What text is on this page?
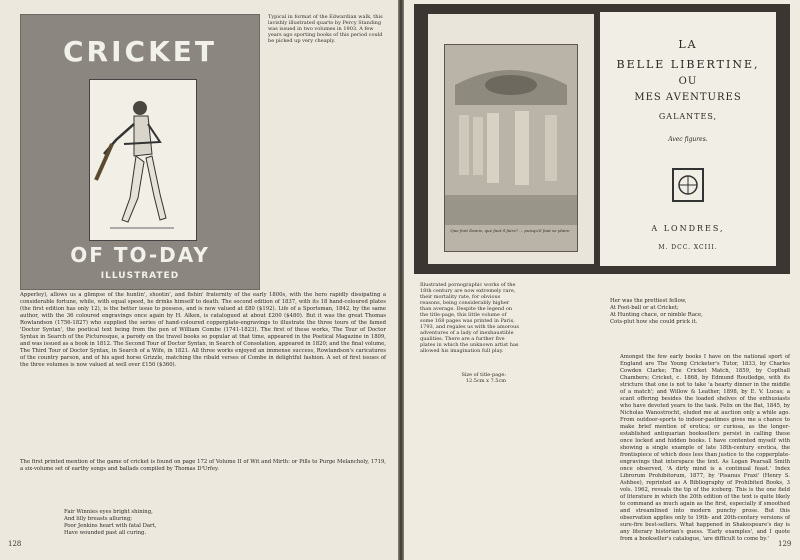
CRICKET
OF TO-DAY
ILLUSTRATED
Typical in format of the Edwardian walk, this lavishly illustrated quarto by Percy Standing was issued in two volumes in 1903. A few years ago sporting books of this period could be picked up very cheaply.

Apperley), allows us a glimpse of the huntin', shootin', and fishin' fraternity of the early 1800s, with the hero rapidly dissipating a considerable fortune, while, with equal speed, he drinks himself to death. The second edition of 1837, with its 18 hand-coloured plates (the first edition has only 12), is the better issue to possess, and is now valued at £80 ($192). Life of a Sportsman, 1842, by the same author, with the 36 coloured engravings once again by H. Alken, is catalogued at about £200 ($480). But it was the great Thomas Rowlandson (1756-1827) who supplied the series of hand-coloured copperplate-engravings to illustrate the three tours of the famed 'Doctor Syntax', the poetical text being from the pen of William Combe (1741-1823). The first of these works, The Tour of Doctor Syntax in Search of the Picturesque, a parody on the travel books so popular at that time, appeared in the Poetical Magazine in 1809, and was issued as a book in 1812. The Second Tour of Doctor Syntax, in Search of Consolation, appeared in 1820; and the final volume, The Third Tour of Doctor Syntax, in Search of a Wife, in 1821. All three works enjoyed an immense success, Rowlandson's caricatures of the country parson, and of his aged horse Grizzle, matching the ribald verses of Combe in delightful fashion. A set of first issues of the three volumes is now valued at well over £150 ($360).

The first printed mention of the game of cricket is found on page 172 of Volume II of Wit and Mirth: or Pills to Purge Melancholy, 1719, a six-volume set of earthy songs and ballads compiled by Thomas D'Urfey.

Fair Winnies eyes bright shining,
And lilly breasts alluring;
Poor Jenkins heart with fatal Dart,
Have wounded past all curing.
128
Que font Damis, que faut il faire? ... puisqu'il faut se plaire
LA
BELLE LIBERTINE,
OU
MES AVENTURES
GALANTES,
Avec figures.
A LONDRES,
M. DCC. XCIII.
Illustrated pornographic works of the 18th century are now extremely rare, their mortality rate, for obvious reasons, being considerably higher than average. Despite the legend on the title-page, this little volume of some 168 pages was printed in Paris, 1793, and regales us with the amorous adventures of a lady of inexhaustible qualities. There are a further five plates in which the unknown artist has allowed his imagination full play.
Size of title-page:
12.5cm x 7.5cm
Her was the prettiest fellow,
At Foot-ball or at Cricket;
At Hunting chace, or nimble Race,
Cots-plut how she could prick it.

Amongst the few early books I have on the national sport of England are The Young Cricketer's Tutor, 1833, by Charles Cowden Clarke; The Cricket Match, 1859, by Copthall Chambers; Cricket, c. 1868, by Edmund Routledge, with its stricture that one is not to take 'a hearty dinner in the middle of a match'; and Willow & Leather, 1898, by E. V. Lucas; a scant offering besides the loaded shelves of the enthusiasts who have devoted years to the task. Felix on the Bat, 1845, by Nicholas Wanostrocht, eluded me at auction only a while ago. From outdoor-sports to indoor-pastimes gives me a chance to make brief mention of erotica; or curiosa, as the longer-established antiquarian booksellers persist in calling these once locked and hidden books. I have contented myself with showing a single example of late 18th-century erotica, the frontispiece of which does less than justice to the copperplate-engravings that interspace the text. As Logan Pearsall Smith once observed, 'A dirty mind is a continual feast.' Index Librorum Prohibitorum, 1877, by 'Pisanus Fraxi' (Henry S. Ashbee), reprinted as A Bibliography of Prohibited Books, 3 vols. 1962, reveals the tip of the iceberg. This is the one field of literature in which the 20th edition of the text is quite likely to command as much again as the first, especially if smoothed and streamlined into modern punchy prose. But this observation applies only to 19th- and 20th-century versions of sure-fire best-sellers. What happened in Shakespeare's day is any literary historian's guess. 'Early examples', and I quote from a bookseller's catalogue, 'are difficult to come by.'

129
